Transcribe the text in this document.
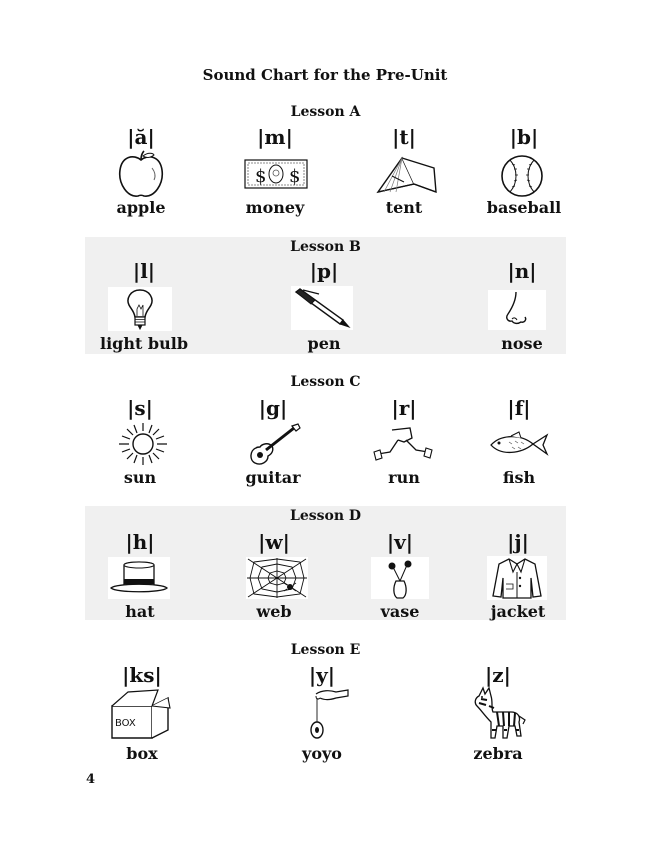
Sound Chart for the Pre-Unit
Lesson A
|ă|
apple
|m|
$ $
money
|t|
tent
|b|
baseball
Lesson B
|l|
light bulb
|p|
pen
|n|
nose
Lesson C
|s|
sun
|g|
guitar
|r|
run
|f|
fish
Lesson D
|h|
hat
|w|
web
|v|
vase
|j|
jacket
Lesson E
|ks|
BOX
box
|y|
yoyo
|z|
zebra
4
